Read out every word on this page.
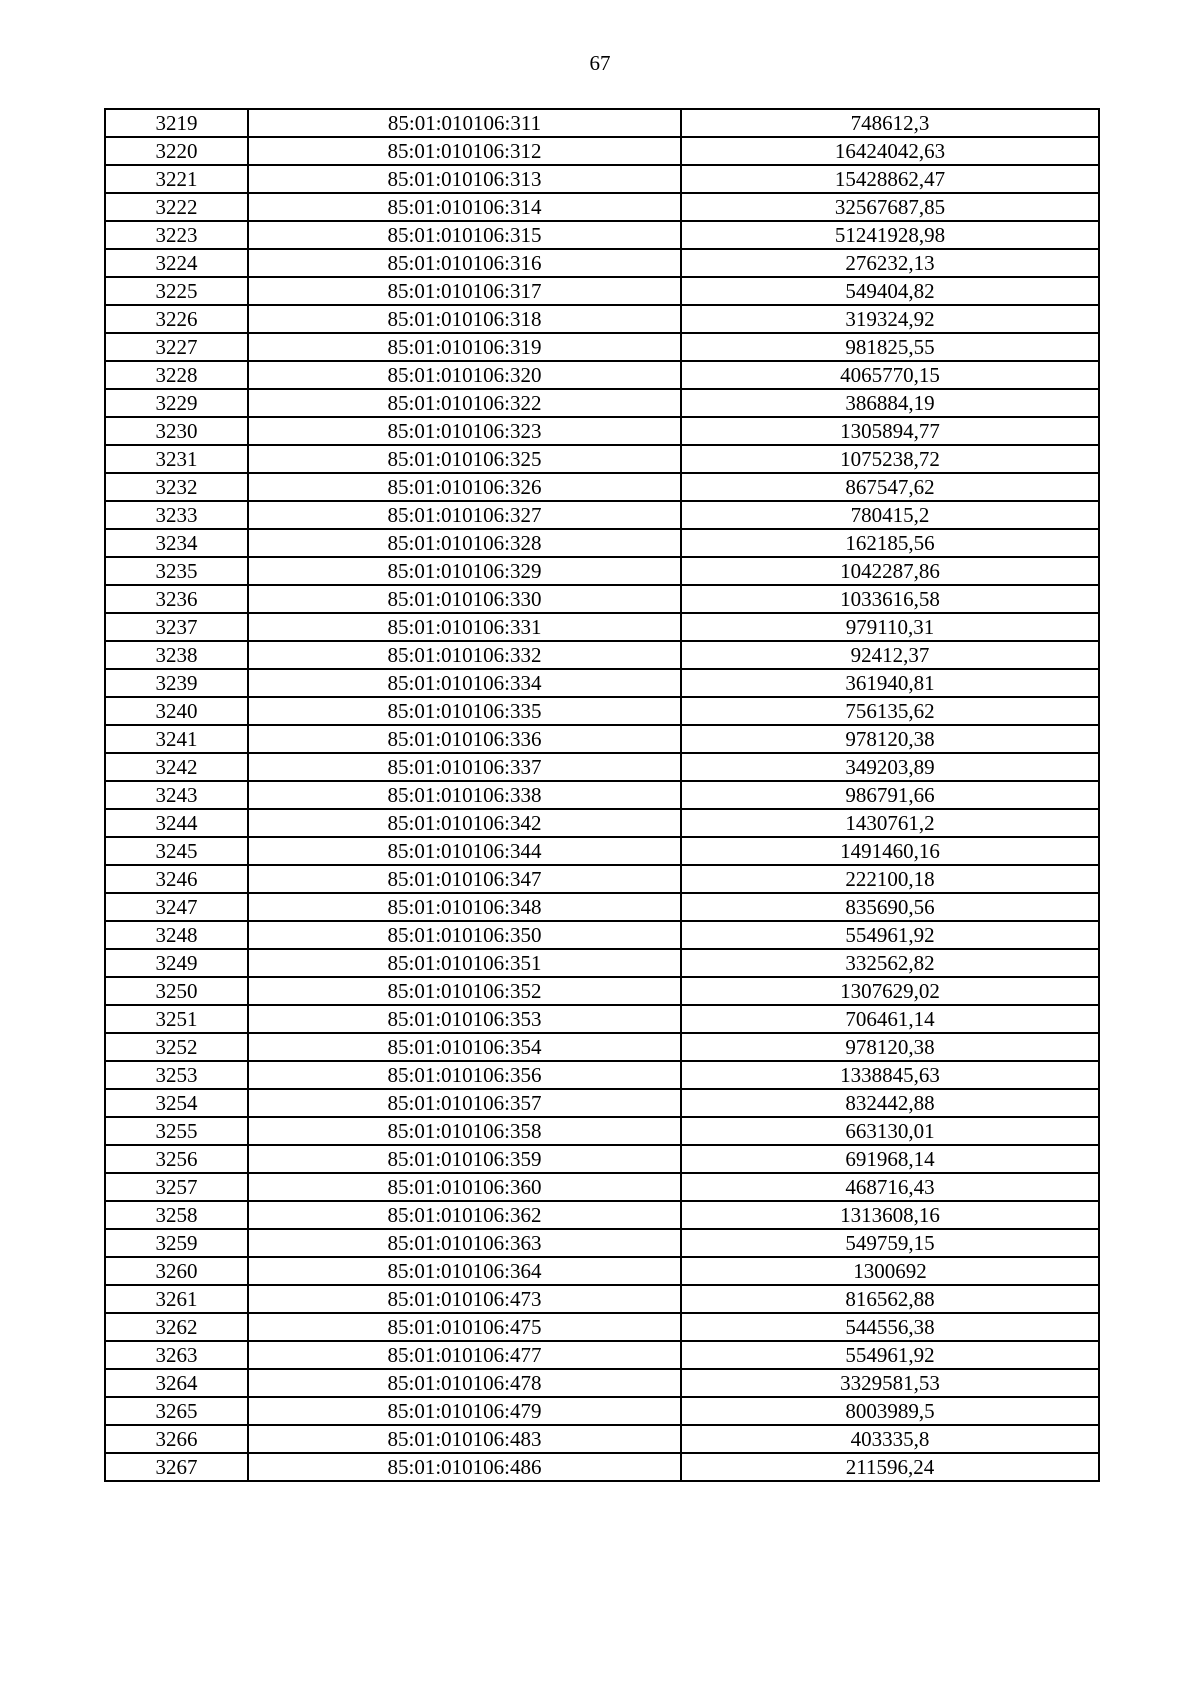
67
3219	85:01:010106:311	748612,3
3220	85:01:010106:312	16424042,63
3221	85:01:010106:313	15428862,47
3222	85:01:010106:314	32567687,85
3223	85:01:010106:315	51241928,98
3224	85:01:010106:316	276232,13
3225	85:01:010106:317	549404,82
3226	85:01:010106:318	319324,92
3227	85:01:010106:319	981825,55
3228	85:01:010106:320	4065770,15
3229	85:01:010106:322	386884,19
3230	85:01:010106:323	1305894,77
3231	85:01:010106:325	1075238,72
3232	85:01:010106:326	867547,62
3233	85:01:010106:327	780415,2
3234	85:01:010106:328	162185,56
3235	85:01:010106:329	1042287,86
3236	85:01:010106:330	1033616,58
3237	85:01:010106:331	979110,31
3238	85:01:010106:332	92412,37
3239	85:01:010106:334	361940,81
3240	85:01:010106:335	756135,62
3241	85:01:010106:336	978120,38
3242	85:01:010106:337	349203,89
3243	85:01:010106:338	986791,66
3244	85:01:010106:342	1430761,2
3245	85:01:010106:344	1491460,16
3246	85:01:010106:347	222100,18
3247	85:01:010106:348	835690,56
3248	85:01:010106:350	554961,92
3249	85:01:010106:351	332562,82
3250	85:01:010106:352	1307629,02
3251	85:01:010106:353	706461,14
3252	85:01:010106:354	978120,38
3253	85:01:010106:356	1338845,63
3254	85:01:010106:357	832442,88
3255	85:01:010106:358	663130,01
3256	85:01:010106:359	691968,14
3257	85:01:010106:360	468716,43
3258	85:01:010106:362	1313608,16
3259	85:01:010106:363	549759,15
3260	85:01:010106:364	1300692
3261	85:01:010106:473	816562,88
3262	85:01:010106:475	544556,38
3263	85:01:010106:477	554961,92
3264	85:01:010106:478	3329581,53
3265	85:01:010106:479	8003989,5
3266	85:01:010106:483	403335,8
3267	85:01:010106:486	211596,24
